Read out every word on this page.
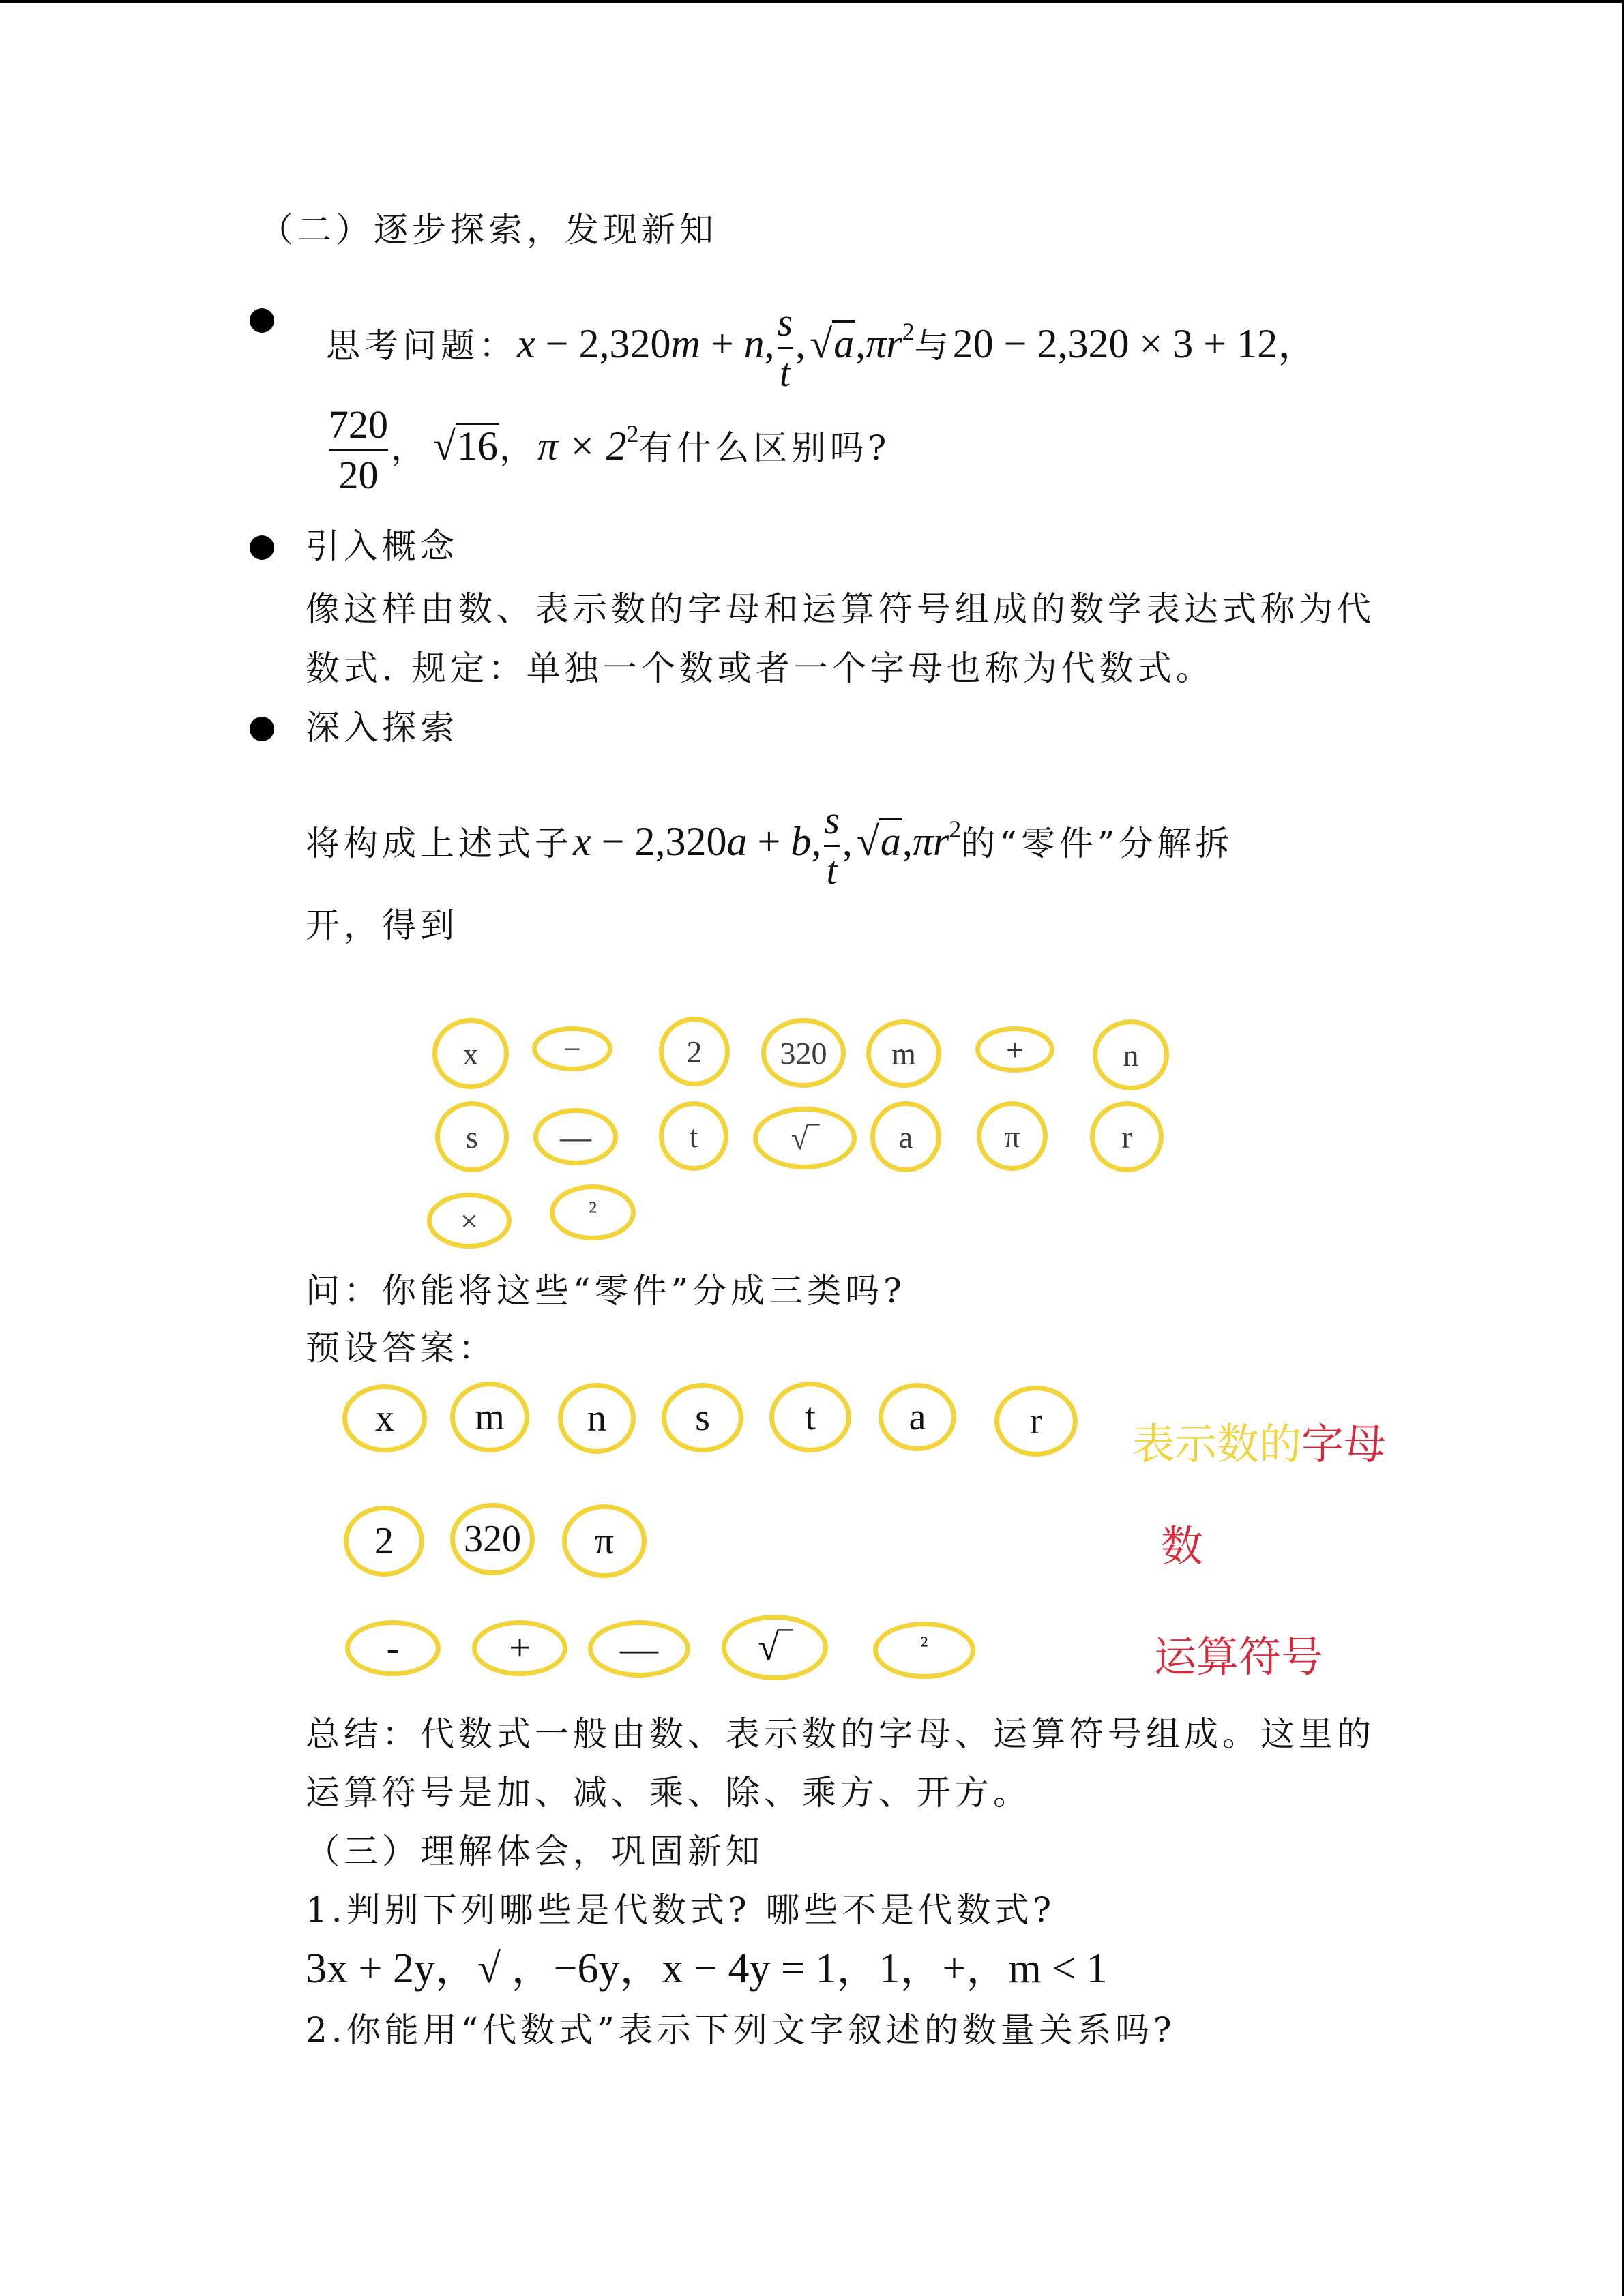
（二）逐步探索，发现新知
思考问题：x − 2,320m + n, $\frac{s}{t}$ , $√a,\pi r^2$与20 − 2,320 × 3 + 12，
$\frac{720}{20}$ ， √16，$\pi \times 2^2$有什么区别吗?
引入概念
像这样由数、表示数的字母和运算符号组成的数学表达式称为代
数式. 规定：单独一个数或者一个字母也称为代数式。
深入探索
将构成上述式子x − 2,320a + b, $\frac{s}{t}$ , $√a,\pi r^2$的“零件”分解拆
开，得到
x	−	2	320	m	+	n
s	—	t	√‾	a	π	r
×	²
问：你能将这些“零件”分成三类吗?
预设答案：
x	m	n	s	t	a	r
2	320	π
-	+	—	√‾	²
表示数的字母
数
运算符号
总结：代数式一般由数、表示数的字母、运算符号组成。这里的
运算符号是加、减、乘、除、乘方、开方。
（三）理解体会，巩固新知
1.判别下列哪些是代数式? 哪些不是代数式?
3x + 2y，√ ，−6y，x − 4y = 1，1，+，m < 1
2.你能用“代数式”表示下列文字叙述的数量关系吗?
